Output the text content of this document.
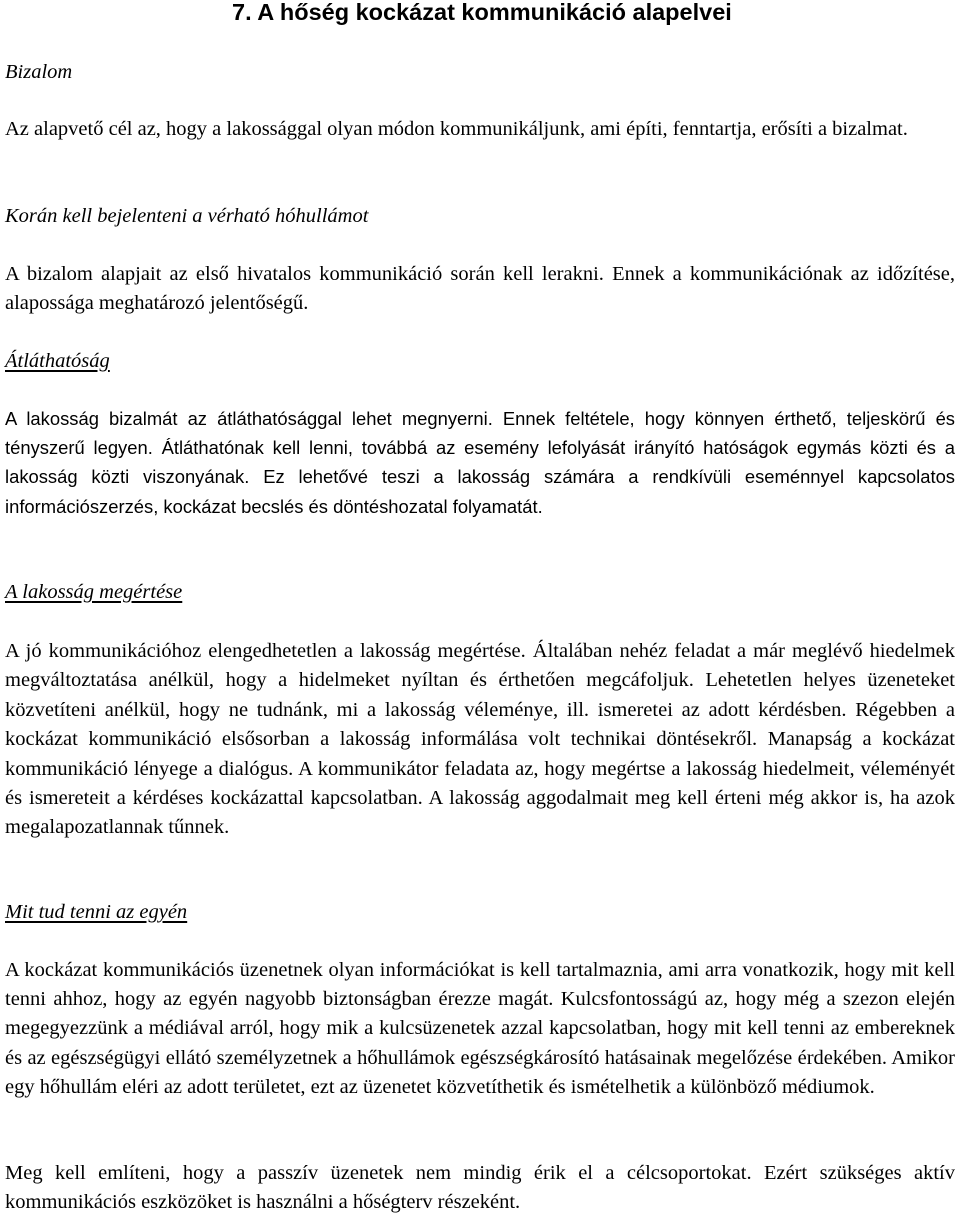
7. A hőség kockázat kommunikáció alapelvei
Bizalom

Az alapvető cél az, hogy a lakossággal olyan módon kommunikáljunk, ami építi, fenntartja, erősíti a bizalmat.

Korán kell bejelenteni a vérható hóhullámot

A bizalom alapjait az első hivatalos kommunikáció során kell lerakni. Ennek a kommunikációnak az időzítése, alapossága meghatározó jelentőségű.

Átláthatóság

A lakosság bizalmát az átláthatósággal lehet megnyerni. Ennek feltétele, hogy könnyen érthető, teljeskörű és tényszerű legyen. Átláthatónak kell lenni, továbbá az esemény lefolyását irányító hatóságok egymás közti és a lakosság közti viszonyának. Ez lehetővé teszi a lakosság számára a rendkívüli eseménnyel kapcsolatos információszerzés, kockázat becslés és döntéshozatal folyamatát.

A lakosság megértése

A jó kommunikációhoz elengedhetetlen a lakosság megértése. Általában nehéz feladat a már meglévő hiedelmek megváltoztatása anélkül, hogy a hidelmeket nyíltan és érthetően megcáfoljuk. Lehetetlen helyes üzeneteket közvetíteni anélkül, hogy ne tudnánk, mi a lakosság véleménye, ill. ismeretei az adott kérdésben. Régebben a kockázat kommunikáció elsősorban a lakosság informálása volt technikai döntésekről. Manapság a kockázat kommunikáció lényege a dialógus. A kommunikátor feladata az, hogy megértse a lakosság hiedelmeit, véleményét és ismereteit a kérdéses kockázattal kapcsolatban. A lakosság aggodalmait meg kell érteni még akkor is, ha azok megalapozatlannak tűnnek.

Mit tud tenni az egyén

A kockázat kommunikációs üzenetnek olyan információkat is kell tartalmaznia, ami arra vonatkozik, hogy mit kell tenni ahhoz, hogy az egyén nagyobb biztonságban érezze magát. Kulcsfontosságú az, hogy még a szezon elején megegyezzünk a médiával arról, hogy mik a kulcsüzenetek azzal kapcsolatban, hogy mit kell tenni az embereknek és az egészségügyi ellátó személyzetnek a hőhullámok egészségkárosító hatásainak megelőzése érdekében. Amikor egy hőhullám eléri az adott területet, ezt az üzenetet közvetíthetik és ismételhetik a különböző médiumok.

Meg kell említeni, hogy a passzív üzenetek nem mindig érik el a célcsoportokat. Ezért szükséges aktív kommunikációs eszközöket is használni a hőségterv részeként.
